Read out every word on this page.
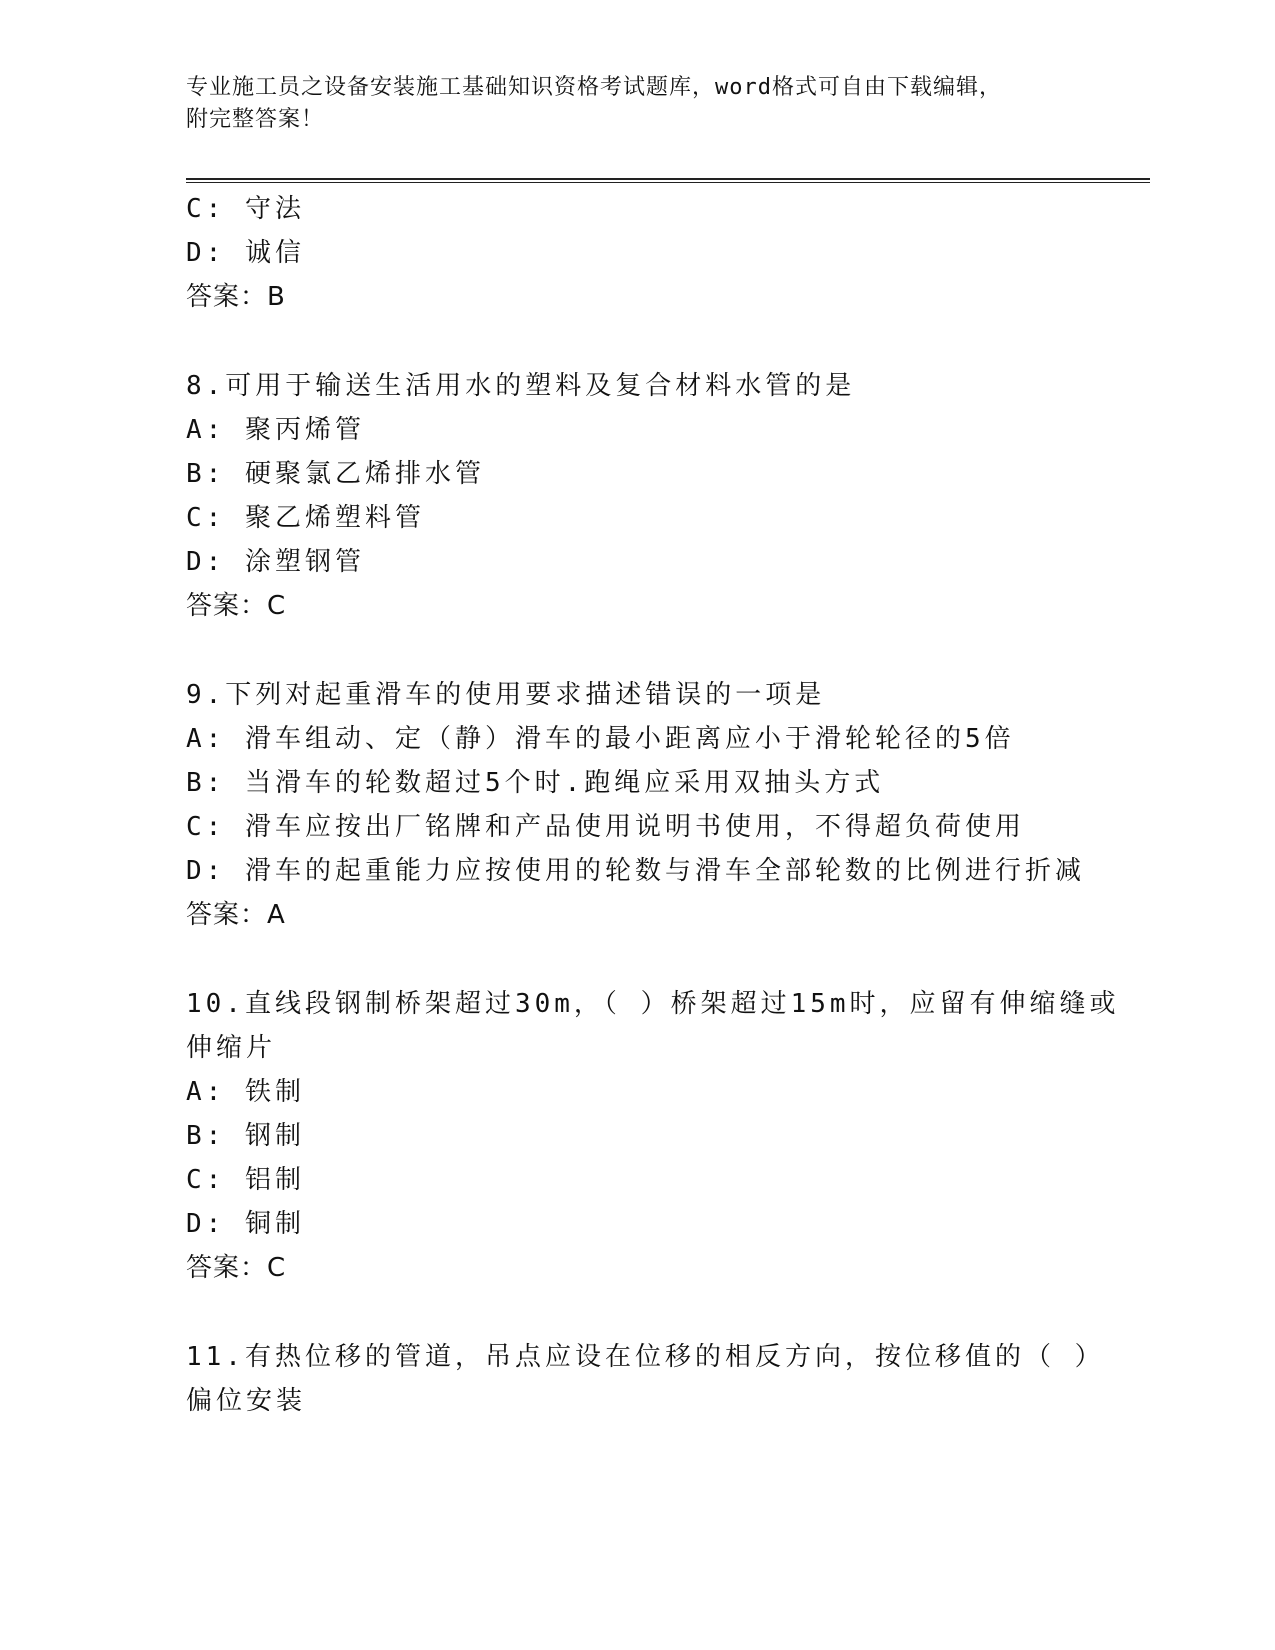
专业施工员之设备安装施工基础知识资格考试题库，word格式可自由下载编辑，
附完整答案！
C: 守法
D: 诚信
答案：B
8.可用于输送生活用水的塑料及复合材料水管的是
A: 聚丙烯管
B: 硬聚氯乙烯排水管
C: 聚乙烯塑料管
D: 涂塑钢管
答案：C
9.下列对起重滑车的使用要求描述错误的一项是
A: 滑车组动、定（静）滑车的最小距离应小于滑轮轮径的5倍
B: 当滑车的轮数超过5个时.跑绳应采用双抽头方式
C: 滑车应按出厂铭牌和产品使用说明书使用，不得超负荷使用
D: 滑车的起重能力应按使用的轮数与滑车全部轮数的比例进行折减
答案：A
10.直线段钢制桥架超过30m，（ ）桥架超过15m时，应留有伸缩缝或
伸缩片
A: 铁制
B: 钢制
C: 铝制
D: 铜制
答案：C
11.有热位移的管道，吊点应设在位移的相反方向，按位移值的（ ）
偏位安装
